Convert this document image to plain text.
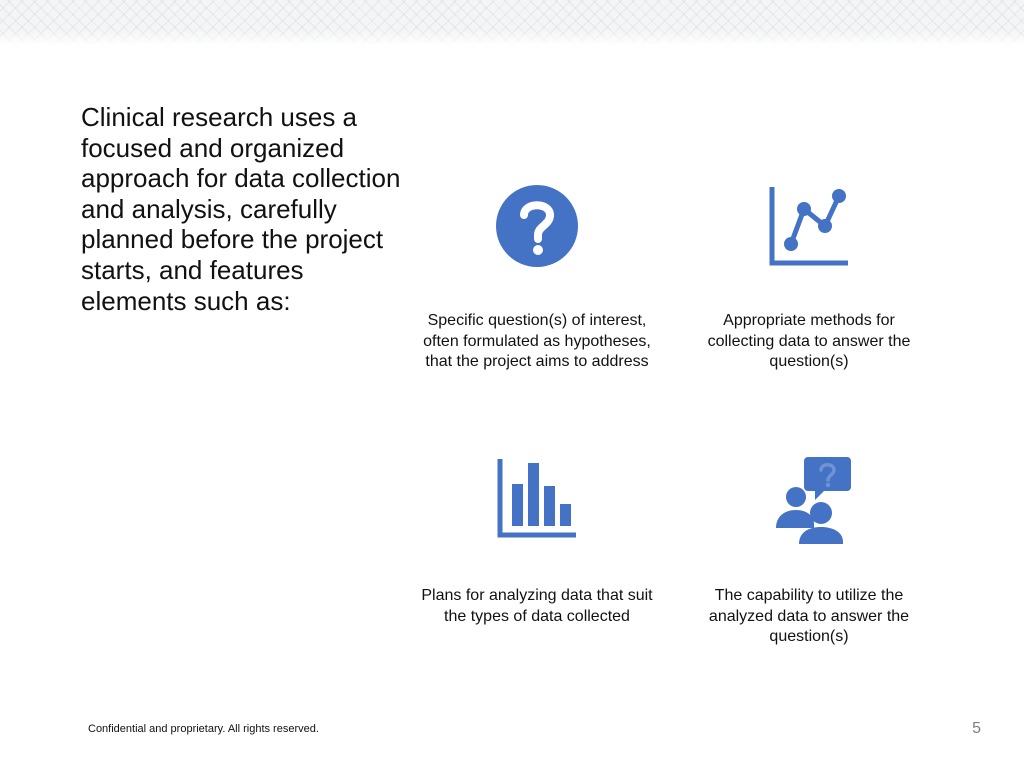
Clinical research uses a focused and organized approach for data collection and analysis, carefully planned before the project starts, and features elements such as:

Specific question(s) of interest, often formulated as hypotheses, that the project aims to address

Appropriate methods for collecting data to answer the question(s)

Plans for analyzing data that suit the types of data collected

The capability to utilize the analyzed data to answer the question(s)

Confidential and proprietary. All rights reserved.	5
